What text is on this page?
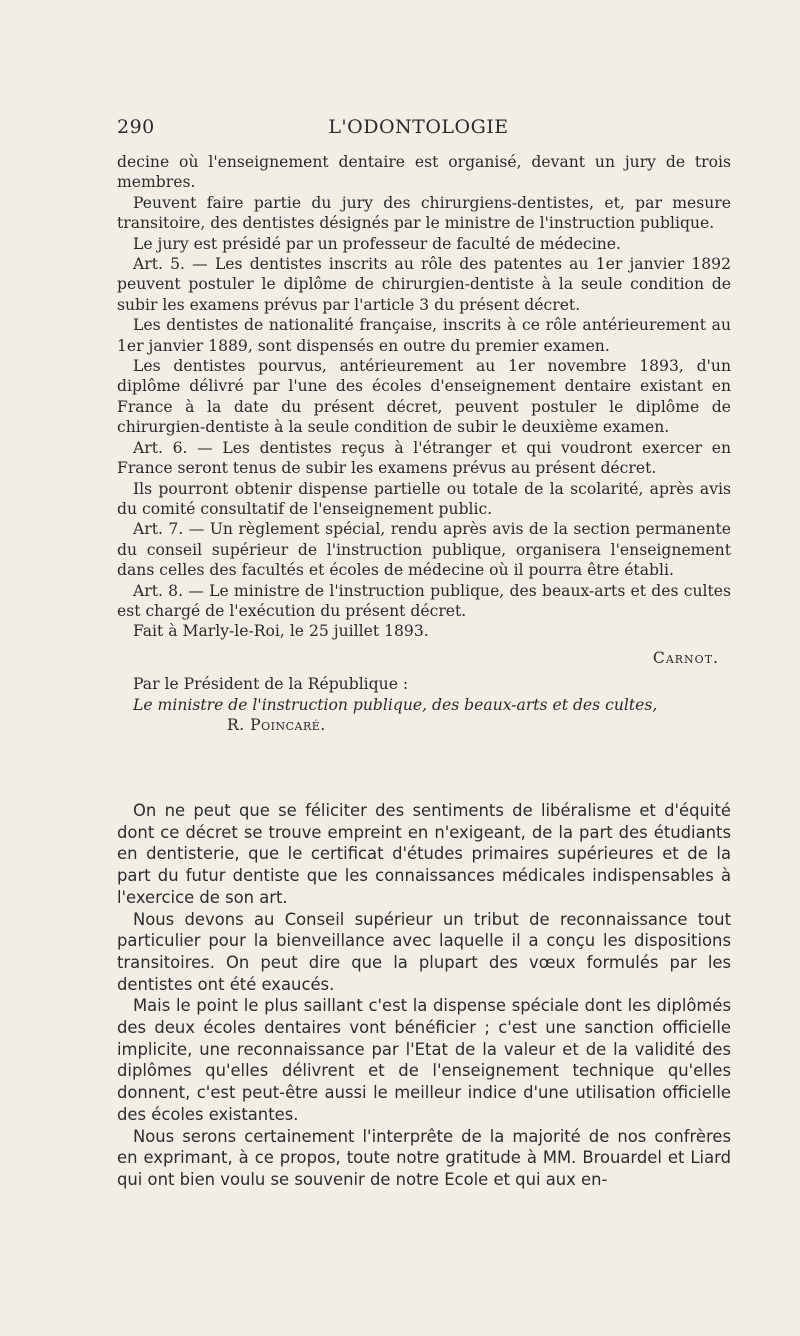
290	L'ODONTOLOGIE

decine où l'enseignement dentaire est organisé, devant un jury de trois membres.

Peuvent faire partie du jury des chirurgiens-dentistes, et, par mesure transitoire, des dentistes désignés par le ministre de l'instruction publique.

Le jury est présidé par un professeur de faculté de médecine.

Art. 5. — Les dentistes inscrits au rôle des patentes au 1er janvier 1892 peuvent postuler le diplôme de chirurgien-dentiste à la seule condition de subir les examens prévus par l'article 3 du présent décret.

Les dentistes de nationalité française, inscrits à ce rôle antérieurement au 1er janvier 1889, sont dispensés en outre du premier examen.

Les dentistes pourvus, antérieurement au 1er novembre 1893, d'un diplôme délivré par l'une des écoles d'enseignement dentaire existant en France à la date du présent décret, peuvent postuler le diplôme de chirurgien-dentiste à la seule condition de subir le deuxième examen.

Art. 6. — Les dentistes reçus à l'étranger et qui voudront exercer en France seront tenus de subir les examens prévus au présent décret.

Ils pourront obtenir dispense partielle ou totale de la scolarité, après avis du comité consultatif de l'enseignement public.

Art. 7. — Un règlement spécial, rendu après avis de la section permanente du conseil supérieur de l'instruction publique, organisera l'enseignement dans celles des facultés et écoles de médecine où il pourra être établi.

Art. 8. — Le ministre de l'instruction publique, des beaux-arts et des cultes est chargé de l'exécution du présent décret.

Fait à Marly-le-Roi, le 25 juillet 1893.

Carnot.

Par le Président de la République :

Le ministre de l'instruction publique, des beaux-arts et des cultes,

R. Poincaré.

On ne peut que se féliciter des sentiments de libéralisme et d'équité dont ce décret se trouve empreint en n'exigeant, de la part des étudiants en dentisterie, que le certificat d'études primaires supérieures et de la part du futur dentiste que les connaissances médicales indispensables à l'exercice de son art.

Nous devons au Conseil supérieur un tribut de reconnaissance tout particulier pour la bienveillance avec laquelle il a conçu les dispositions transitoires. On peut dire que la plupart des vœux formulés par les dentistes ont été exaucés.

Mais le point le plus saillant c'est la dispense spéciale dont les diplômés des deux écoles dentaires vont bénéficier ; c'est une sanction officielle implicite, une reconnaissance par l'Etat de la valeur et de la validité des diplômes qu'elles délivrent et de l'enseignement technique qu'elles donnent, c'est peut-être aussi le meilleur indice d'une utilisation officielle des écoles existantes.

Nous serons certainement l'interprête de la majorité de nos confrères en exprimant, à ce propos, toute notre gratitude à MM. Brouardel et Liard qui ont bien voulu se souvenir de notre Ecole et qui aux en-
